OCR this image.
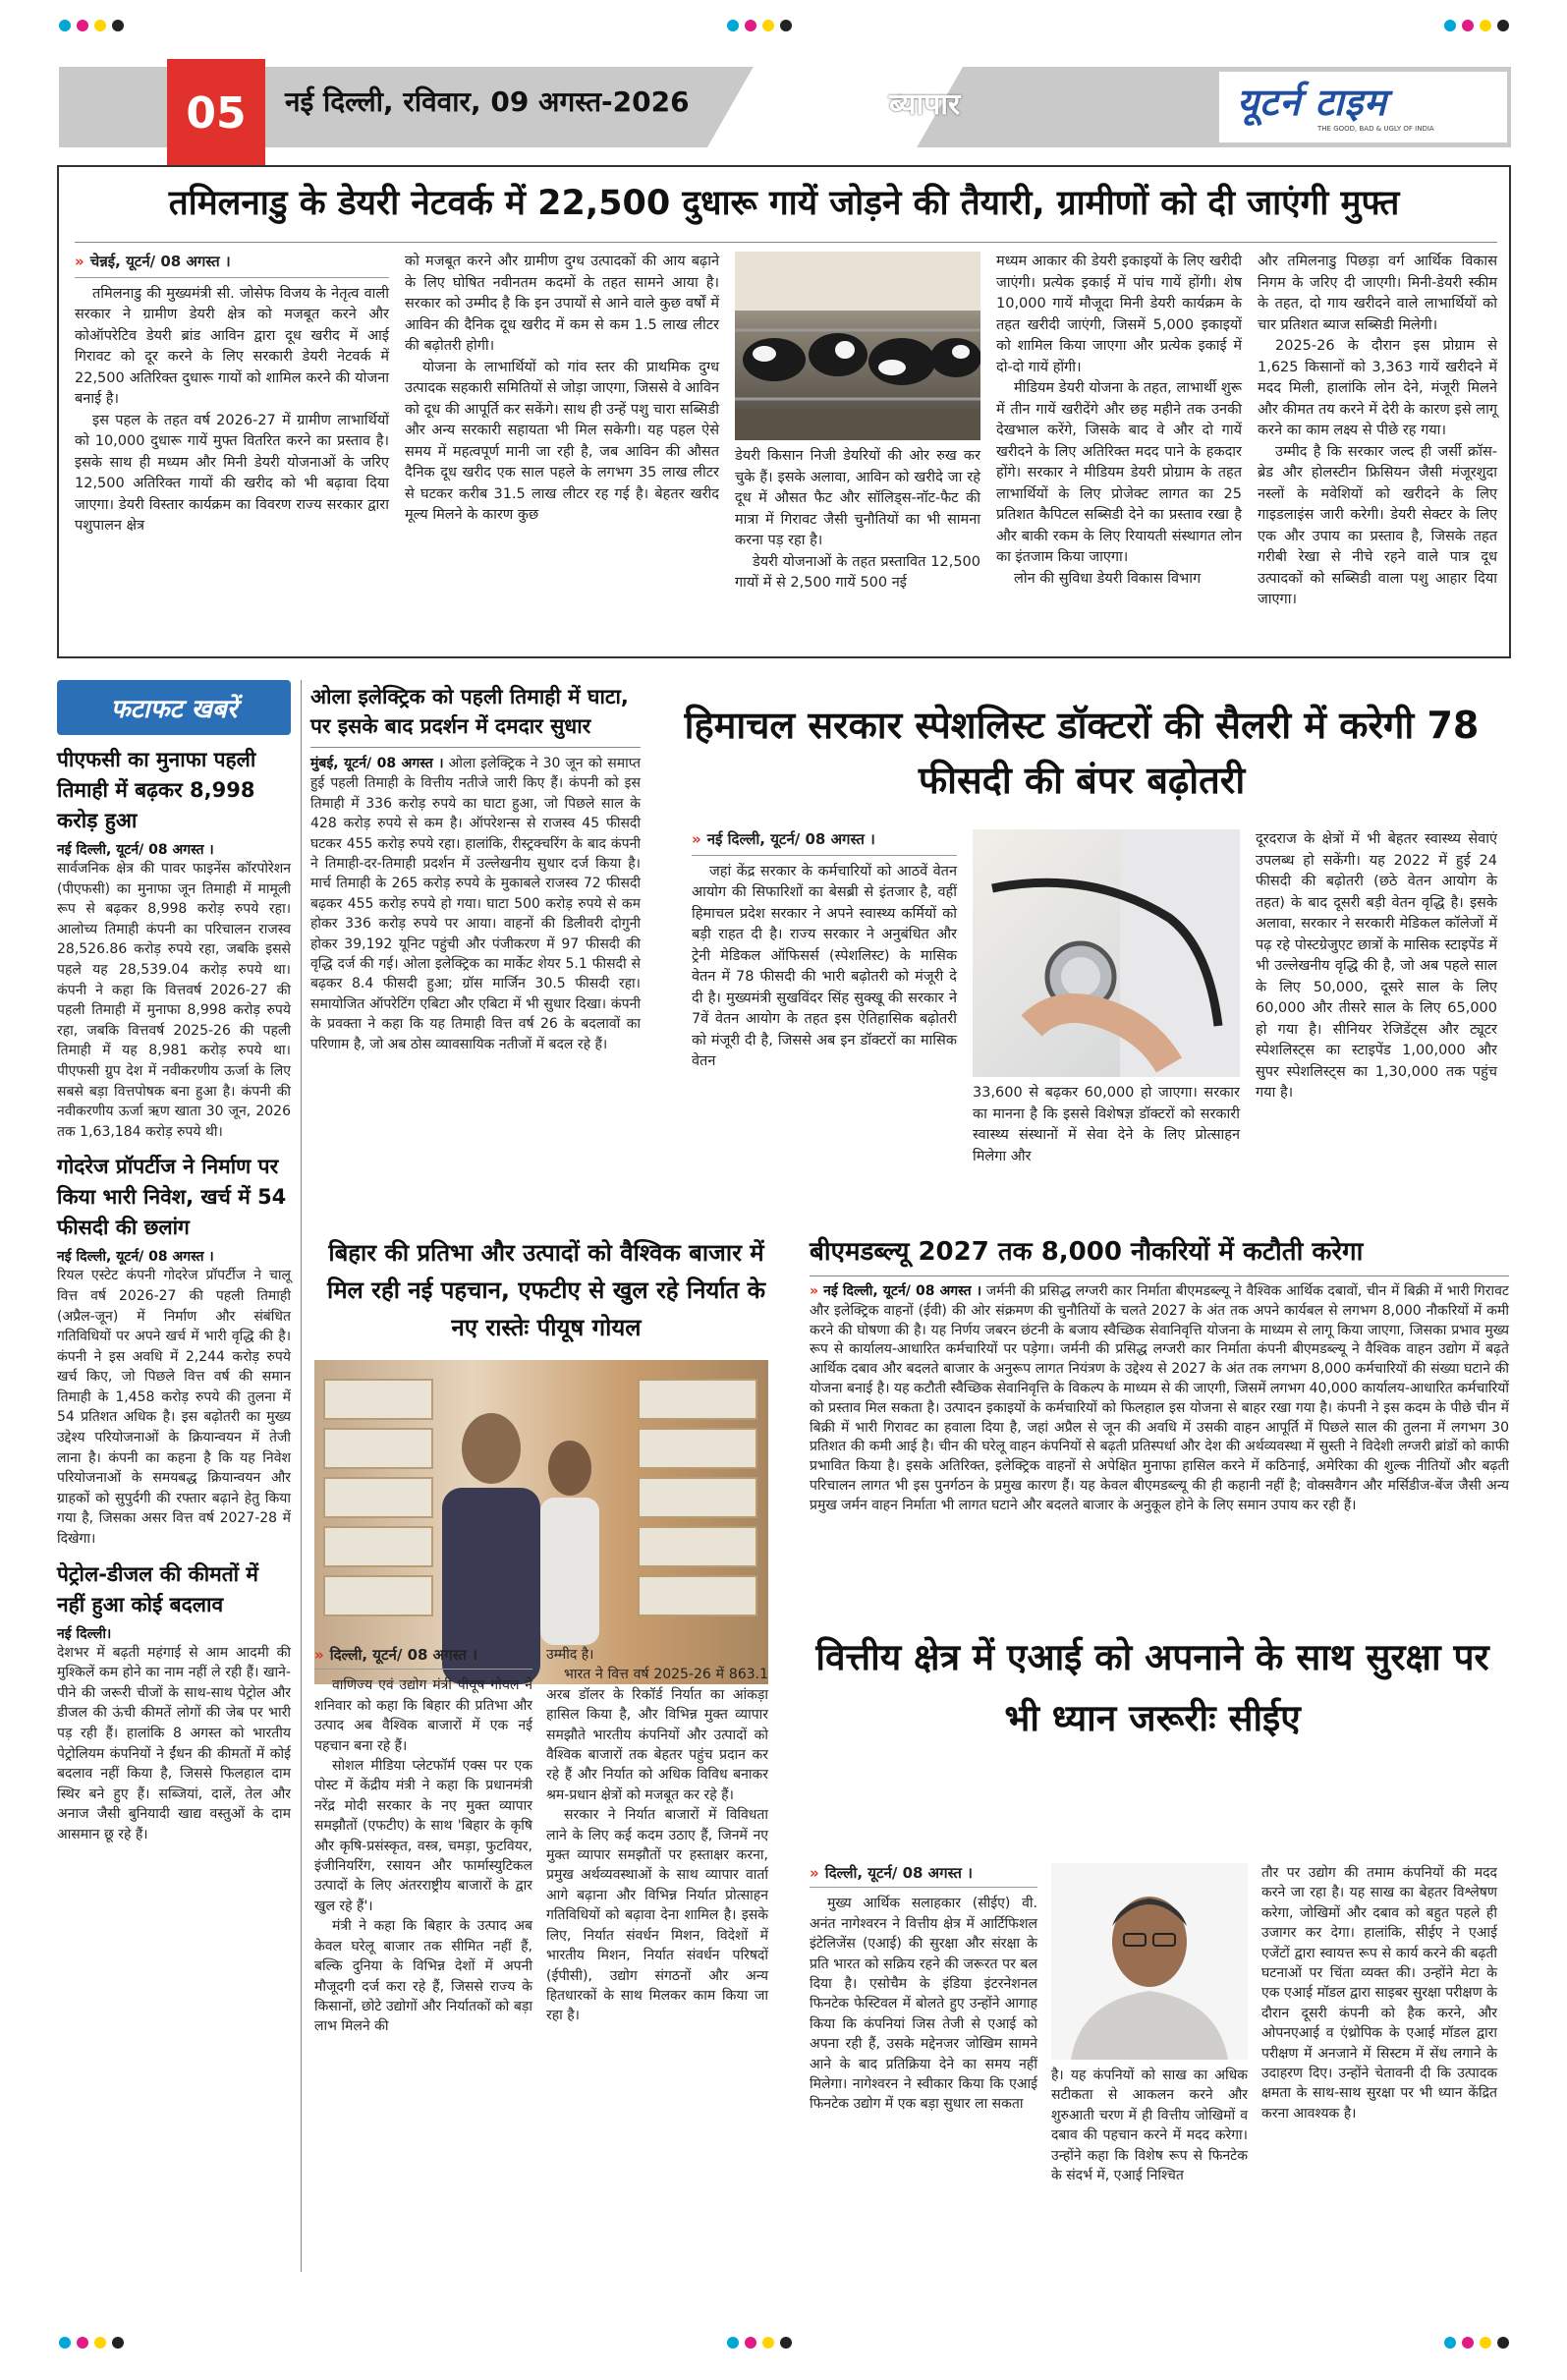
05	नई दिल्ली, रविवार, 09 अगस्त-2026	ब्यापार	यूटर्न टाइम
THE GOOD, BAD & UGLY OF INDIA
तमिलनाडु के डेयरी नेटवर्क में 22,500 दुधारू गायें जोड़ने की तैयारी, ग्रामीणों को दी जाएंगी मुफ्त
» चेन्नई, यूटर्न/ 08 अगस्त ।

तमिलनाडु की मुख्यमंत्री सी. जोसेफ विजय के नेतृत्व वाली सरकार ने ग्रामीण डेयरी क्षेत्र को मजबूत करने और कोऑपरेटिव डेयरी ब्रांड आविन द्वारा दूध खरीद में आई गिरावट को दूर करने के लिए सरकारी डेयरी नेटवर्क में 22,500 अतिरिक्त दुधारू गायों को शामिल करने की योजना बनाई है।

इस पहल के तहत वर्ष 2026-27 में ग्रामीण लाभार्थियों को 10,000 दुधारू गायें मुफ्त वितरित करने का प्रस्ताव है। इसके साथ ही मध्यम और मिनी डेयरी योजनाओं के जरिए 12,500 अतिरिक्त गायों की खरीद को भी बढ़ावा दिया जाएगा। डेयरी विस्तार कार्यक्रम का विवरण राज्य सरकार द्वारा पशुपालन क्षेत्र

को मजबूत करने और ग्रामीण दुग्ध उत्पादकों की आय बढ़ाने के लिए घोषित नवीनतम कदमों के तहत सामने आया है। सरकार को उम्मीद है कि इन उपायों से आने वाले कुछ वर्षों में आविन की दैनिक दूध खरीद में कम से कम 1.5 लाख लीटर की बढ़ोतरी होगी।

योजना के लाभार्थियों को गांव स्तर की प्राथमिक दुग्ध उत्पादक सहकारी समितियों से जोड़ा जाएगा, जिससे वे आविन को दूध की आपूर्ति कर सकेंगे। साथ ही उन्हें पशु चारा सब्सिडी और अन्य सरकारी सहायता भी मिल सकेगी। यह पहल ऐसे समय में महत्वपूर्ण मानी जा रही है, जब आविन की औसत दैनिक दूध खरीद एक साल पहले के लगभग 35 लाख लीटर से घटकर करीब 31.5 लाख लीटर रह गई है। बेहतर खरीद मूल्य मिलने के कारण कुछ

डेयरी किसान निजी डेयरियों की ओर रुख कर चुके हैं। इसके अलावा, आविन को खरीदे जा रहे दूध में औसत फैट और सॉलिड्स-नॉट-फैट की मात्रा में गिरावट जैसी चुनौतियों का भी सामना करना पड़ रहा है।

डेयरी योजनाओं के तहत प्रस्तावित 12,500 गायों में से 2,500 गायें 500 नई

मध्यम आकार की डेयरी इकाइयों के लिए खरीदी जाएंगी। प्रत्येक इकाई में पांच गायें होंगी। शेष 10,000 गायें मौजूदा मिनी डेयरी कार्यक्रम के तहत खरीदी जाएंगी, जिसमें 5,000 इकाइयों को शामिल किया जाएगा और प्रत्येक इकाई में दो-दो गायें होंगी।

मीडियम डेयरी योजना के तहत, लाभार्थी शुरू में तीन गायें खरीदेंगे और छह महीने तक उनकी देखभाल करेंगे, जिसके बाद वे और दो गायें खरीदने के लिए अतिरिक्त मदद पाने के हकदार होंगे। सरकार ने मीडियम डेयरी प्रोग्राम के तहत लाभार्थियों के लिए प्रोजेक्ट लागत का 25 प्रतिशत कैपिटल सब्सिडी देने का प्रस्ताव रखा है और बाकी रकम के लिए रियायती संस्थागत लोन का इंतजाम किया जाएगा।

लोन की सुविधा डेयरी विकास विभाग

और तमिलनाडु पिछड़ा वर्ग आर्थिक विकास निगम के जरिए दी जाएगी। मिनी-डेयरी स्कीम के तहत, दो गाय खरीदने वाले लाभार्थियों को चार प्रतिशत ब्याज सब्सिडी मिलेगी।

2025-26 के दौरान इस प्रोग्राम से 1,625 किसानों को 3,363 गायें खरीदने में मदद मिली, हालांकि लोन देने, मंजूरी मिलने और कीमत तय करने में देरी के कारण इसे लागू करने का काम लक्ष्य से पीछे रह गया।

उम्मीद है कि सरकार जल्द ही जर्सी क्रॉस-ब्रेड और होलस्टीन फ्रिसियन जैसी मंजूरशुदा नस्लों के मवेशियों को खरीदने के लिए गाइडलाइंस जारी करेगी। डेयरी सेक्टर के लिए एक और उपाय का प्रस्ताव है, जिसके तहत गरीबी रेखा से नीचे रहने वाले पात्र दूध उत्पादकों को सब्सिडी वाला पशु आहार दिया जाएगा।

फटाफट खबरें
पीएफसी का मुनाफा पहली तिमाही में बढ़कर 8,998 करोड़ हुआ
नई दिल्ली, यूटर्न/ 08 अगस्त ।
सार्वजनिक क्षेत्र की पावर फाइनेंस कॉरपोरेशन (पीएफसी) का मुनाफा जून तिमाही में मामूली रूप से बढ़कर 8,998 करोड़ रुपये रहा। आलोच्य तिमाही कंपनी का परिचालन राजस्व 28,526.86 करोड़ रुपये रहा, जबकि इससे पहले यह 28,539.04 करोड़ रुपये था। कंपनी ने कहा कि वित्तवर्ष 2026-27 की पहली तिमाही में मुनाफा 8,998 करोड़ रुपये रहा, जबकि वित्तवर्ष 2025-26 की पहली तिमाही में यह 8,981 करोड़ रुपये था। पीएफसी ग्रुप देश में नवीकरणीय ऊर्जा के लिए सबसे बड़ा वित्तपोषक बना हुआ है। कंपनी की नवीकरणीय ऊर्जा ऋण खाता 30 जून, 2026 तक 1,63,184 करोड़ रुपये थी।
गोदरेज प्रॉपर्टीज ने निर्माण पर किया भारी निवेश, खर्च में 54 फीसदी की छलांग
नई दिल्ली, यूटर्न/ 08 अगस्त ।
रियल एस्टेट कंपनी गोदरेज प्रॉपर्टीज ने चालू वित्त वर्ष 2026-27 की पहली तिमाही (अप्रैल-जून) में निर्माण और संबंधित गतिविधियों पर अपने खर्च में भारी वृद्धि की है। कंपनी ने इस अवधि में 2,244 करोड़ रुपये खर्च किए, जो पिछले वित्त वर्ष की समान तिमाही के 1,458 करोड़ रुपये की तुलना में 54 प्रतिशत अधिक है। इस बढ़ोतरी का मुख्य उद्देश्य परियोजनाओं के क्रियान्वयन में तेजी लाना है। कंपनी का कहना है कि यह निवेश परियोजनाओं के समयबद्ध क्रियान्वयन और ग्राहकों को सुपुर्दगी की रफ्तार बढ़ाने हेतु किया गया है, जिसका असर वित्त वर्ष 2027-28 में दिखेगा।
पेट्रोल-डीजल की कीमतों में नहीं हुआ कोई बदलाव
नई दिल्ली।
देशभर में बढ़ती महंगाई से आम आदमी की मुश्किलें कम होने का नाम नहीं ले रही हैं। खाने-पीने की जरूरी चीजों के साथ-साथ पेट्रोल और डीजल की ऊंची कीमतें लोगों की जेब पर भारी पड़ रही हैं। हालांकि 8 अगस्त को भारतीय पेट्रोलियम कंपनियों ने ईंधन की कीमतों में कोई बदलाव नहीं किया है, जिससे फिलहाल दाम स्थिर बने हुए हैं। सब्जियां, दालें, तेल और अनाज जैसी बुनियादी खाद्य वस्तुओं के दाम आसमान छू रहे हैं।
ओला इलेक्ट्रिक को पहली तिमाही में घाटा, पर इसके बाद प्रदर्शन में दमदार सुधार
मुंबई, यूटर्न/ 08 अगस्त । ओला इलेक्ट्रिक ने 30 जून को समाप्त हुई पहली तिमाही के वित्तीय नतीजे जारी किए हैं। कंपनी को इस तिमाही में 336 करोड़ रुपये का घाटा हुआ, जो पिछले साल के 428 करोड़ रुपये से कम है। ऑपरेशन्स से राजस्व 45 फीसदी घटकर 455 करोड़ रुपये रहा। हालांकि, रीस्ट्रक्चरिंग के बाद कंपनी ने तिमाही-दर-तिमाही प्रदर्शन में उल्लेखनीय सुधार दर्ज किया है। मार्च तिमाही के 265 करोड़ रुपये के मुकाबले राजस्व 72 फीसदी बढ़कर 455 करोड़ रुपये हो गया। घाटा 500 करोड़ रुपये से कम होकर 336 करोड़ रुपये पर आया। वाहनों की डिलीवरी दोगुनी होकर 39,192 यूनिट पहुंची और पंजीकरण में 97 फीसदी की वृद्धि दर्ज की गई। ओला इलेक्ट्रिक का मार्केट शेयर 5.1 फीसदी से बढ़कर 8.4 फीसदी हुआ; ग्रॉस मार्जिन 30.5 फीसदी रहा। समायोजित ऑपरेटिंग एबिटा और एबिटा में भी सुधार दिखा। कंपनी के प्रवक्ता ने कहा कि यह तिमाही वित्त वर्ष 26 के बदलावों का परिणाम है, जो अब ठोस व्यावसायिक नतीजों में बदल रहे हैं।
हिमाचल सरकार स्पेशलिस्ट डॉक्टरों की सैलरी में करेगी 78 फीसदी की बंपर बढ़ोतरी
» नई दिल्ली, यूटर्न/ 08 अगस्त ।

जहां केंद्र सरकार के कर्मचारियों को आठवें वेतन आयोग की सिफारिशों का बेसब्री से इंतजार है, वहीं हिमाचल प्रदेश सरकार ने अपने स्वास्थ्य कर्मियों को बड़ी राहत दी है। राज्य सरकार ने अनुबंधित और ट्रेनी मेडिकल ऑफिसर्स (स्पेशलिस्ट) के मासिक वेतन में 78 फीसदी की भारी बढ़ोतरी को मंजूरी दे दी है। मुख्यमंत्री सुखविंदर सिंह सुक्खू की सरकार ने 7वें वेतन आयोग के तहत इस ऐतिहासिक बढ़ोतरी को मंजूरी दी है, जिससे अब इन डॉक्टरों का मासिक वेतन

33,600 से बढ़कर 60,000 हो जाएगा। सरकार का मानना है कि इससे विशेषज्ञ डॉक्टरों को सरकारी स्वास्थ्य संस्थानों में सेवा देने के लिए प्रोत्साहन मिलेगा और

दूरदराज के क्षेत्रों में भी बेहतर स्वास्थ्य सेवाएं उपलब्ध हो सकेंगी। यह 2022 में हुई 24 फीसदी की बढ़ोतरी (छठे वेतन आयोग के तहत) के बाद दूसरी बड़ी वेतन वृद्धि है। इसके अलावा, सरकार ने सरकारी मेडिकल कॉलेजों में पढ़ रहे पोस्टग्रेजुएट छात्रों के मासिक स्टाइपेंड में भी उल्लेखनीय वृद्धि की है, जो अब पहले साल के लिए 50,000, दूसरे साल के लिए 60,000 और तीसरे साल के लिए 65,000 हो गया है। सीनियर रेजिडेंट्स और ट्यूटर स्पेशलिस्ट्स का स्टाइपेंड 1,00,000 और सुपर स्पेशलिस्ट्स का 1,30,000 तक पहुंच गया है।

बिहार की प्रतिभा और उत्पादों को वैश्विक बाजार में मिल रही नई पहचान, एफटीए से खुल रहे निर्यात के नए रास्तेः पीयूष गोयल
» दिल्ली, यूटर्न/ 08 अगस्त ।

वाणिज्य एवं उद्योग मंत्री पीयूष गोयल ने शनिवार को कहा कि बिहार की प्रतिभा और उत्पाद अब वैश्विक बाजारों में एक नई पहचान बना रहे हैं।

सोशल मीडिया प्लेटफॉर्म एक्स पर एक पोस्ट में केंद्रीय मंत्री ने कहा कि प्रधानमंत्री नरेंद्र मोदी सरकार के नए मुक्त व्यापार समझौतों (एफटीए) के साथ 'बिहार के कृषि और कृषि-प्रसंस्कृत, वस्त्र, चमड़ा, फुटवियर, इंजीनियरिंग, रसायन और फार्मास्युटिकल उत्पादों के लिए अंतरराष्ट्रीय बाजारों के द्वार खुल रहे हैं'।

मंत्री ने कहा कि बिहार के उत्पाद अब केवल घरेलू बाजार तक सीमित नहीं हैं, बल्कि दुनिया के विभिन्न देशों में अपनी मौजूदगी दर्ज करा रहे हैं, जिससे राज्य के किसानों, छोटे उद्योगों और निर्यातकों को बड़ा लाभ मिलने की

उम्मीद है।

भारत ने वित्त वर्ष 2025-26 में 863.1 अरब डॉलर के रिकॉर्ड निर्यात का आंकड़ा हासिल किया है, और विभिन्न मुक्त व्यापार समझौते भारतीय कंपनियों और उत्पादों को वैश्विक बाजारों तक बेहतर पहुंच प्रदान कर रहे हैं और निर्यात को अधिक विविध बनाकर श्रम-प्रधान क्षेत्रों को मजबूत कर रहे हैं।

सरकार ने निर्यात बाजारों में विविधता लाने के लिए कई कदम उठाए हैं, जिनमें नए मुक्त व्यापार समझौतों पर हस्ताक्षर करना, प्रमुख अर्थव्यवस्थाओं के साथ व्यापार वार्ता आगे बढ़ाना और विभिन्न निर्यात प्रोत्साहन गतिविधियों को बढ़ावा देना शामिल है। इसके लिए, निर्यात संवर्धन मिशन, विदेशों में भारतीय मिशन, निर्यात संवर्धन परिषदों (ईपीसी), उद्योग संगठनों और अन्य हितधारकों के साथ मिलकर काम किया जा रहा है।

बीएमडब्ल्यू 2027 तक 8,000 नौकरियों में कटौती करेगा
» नई दिल्ली, यूटर्न/ 08 अगस्त । जर्मनी की प्रसिद्ध लग्जरी कार निर्माता बीएमडब्ल्यू ने वैश्विक आर्थिक दबावों, चीन में बिक्री में भारी गिरावट और इलेक्ट्रिक वाहनों (ईवी) की ओर संक्रमण की चुनौतियों के चलते 2027 के अंत तक अपने कार्यबल से लगभग 8,000 नौकरियों में कमी करने की घोषणा की है। यह निर्णय जबरन छंटनी के बजाय स्वैच्छिक सेवानिवृत्ति योजना के माध्यम से लागू किया जाएगा, जिसका प्रभाव मुख्य रूप से कार्यालय-आधारित कर्मचारियों पर पड़ेगा। जर्मनी की प्रसिद्ध लग्जरी कार निर्माता कंपनी बीएमडब्ल्यू ने वैश्विक वाहन उद्योग में बढ़ते आर्थिक दबाव और बदलते बाजार के अनुरूप लागत नियंत्रण के उद्देश्य से 2027 के अंत तक लगभग 8,000 कर्मचारियों की संख्या घटाने की योजना बनाई है। यह कटौती स्वैच्छिक सेवानिवृत्ति के विकल्प के माध्यम से की जाएगी, जिसमें लगभग 40,000 कार्यालय-आधारित कर्मचारियों को प्रस्ताव मिल सकता है। उत्पादन इकाइयों के कर्मचारियों को फिलहाल इस योजना से बाहर रखा गया है। कंपनी ने इस कदम के पीछे चीन में बिक्री में भारी गिरावट का हवाला दिया है, जहां अप्रैल से जून की अवधि में उसकी वाहन आपूर्ति में पिछले साल की तुलना में लगभग 30 प्रतिशत की कमी आई है। चीन की घरेलू वाहन कंपनियों से बढ़ती प्रतिस्पर्धा और देश की अर्थव्यवस्था में सुस्ती ने विदेशी लग्जरी ब्रांडों को काफी प्रभावित किया है। इसके अतिरिक्त, इलेक्ट्रिक वाहनों से अपेक्षित मुनाफा हासिल करने में कठिनाई, अमेरिका की शुल्क नीतियों और बढ़ती परिचालन लागत भी इस पुनर्गठन के प्रमुख कारण हैं। यह केवल बीएमडब्ल्यू की ही कहानी नहीं है; वोक्सवैगन और मर्सिडीज-बेंज जैसी अन्य प्रमुख जर्मन वाहन निर्माता भी लागत घटाने और बदलते बाजार के अनुकूल होने के लिए समान उपाय कर रही हैं।
वित्तीय क्षेत्र में एआई को अपनाने के साथ सुरक्षा पर भी ध्यान जरूरीः सीईए
» दिल्ली, यूटर्न/ 08 अगस्त ।

मुख्य आर्थिक सलाहकार (सीईए) वी. अनंत नागेश्वरन ने वित्तीय क्षेत्र में आर्टिफिशल इंटेलिजेंस (एआई) की सुरक्षा और संरक्षा के प्रति भारत को सक्रिय रहने की जरूरत पर बल दिया है। एसोचैम के इंडिया इंटरनेशनल फिनटेक फेस्टिवल में बोलते हुए उन्होंने आगाह किया कि कंपनियां जिस तेजी से एआई को अपना रही हैं, उसके मद्देनजर जोखिम सामने आने के बाद प्रतिक्रिया देने का समय नहीं मिलेगा। नागेश्वरन ने स्वीकार किया कि एआई फिनटेक उद्योग में एक बड़ा सुधार ला सकता

है। यह कंपनियों को साख का अधिक सटीकता से आकलन करने और शुरुआती चरण में ही वित्तीय जोखिमों व दबाव की पहचान करने में मदद करेगा। उन्होंने कहा कि विशेष रूप से फिनटेक के संदर्भ में, एआई निश्चित

तौर पर उद्योग की तमाम कंपनियों की मदद करने जा रहा है। यह साख का बेहतर विश्लेषण करेगा, जोखिमों और दबाव को बहुत पहले ही उजागर कर देगा। हालांकि, सीईए ने एआई एजेंटों द्वारा स्वायत्त रूप से कार्य करने की बढ़ती घटनाओं पर चिंता व्यक्त की। उन्होंने मेटा के एक एआई मॉडल द्वारा साइबर सुरक्षा परीक्षण के दौरान दूसरी कंपनी को हैक करने, और ओपनएआई व एंथ्रोपिक के एआई मॉडल द्वारा परीक्षण में अनजाने में सिस्टम में सेंध लगाने के उदाहरण दिए। उन्होंने चेतावनी दी कि उत्पादक क्षमता के साथ-साथ सुरक्षा पर भी ध्यान केंद्रित करना आवश्यक है।
